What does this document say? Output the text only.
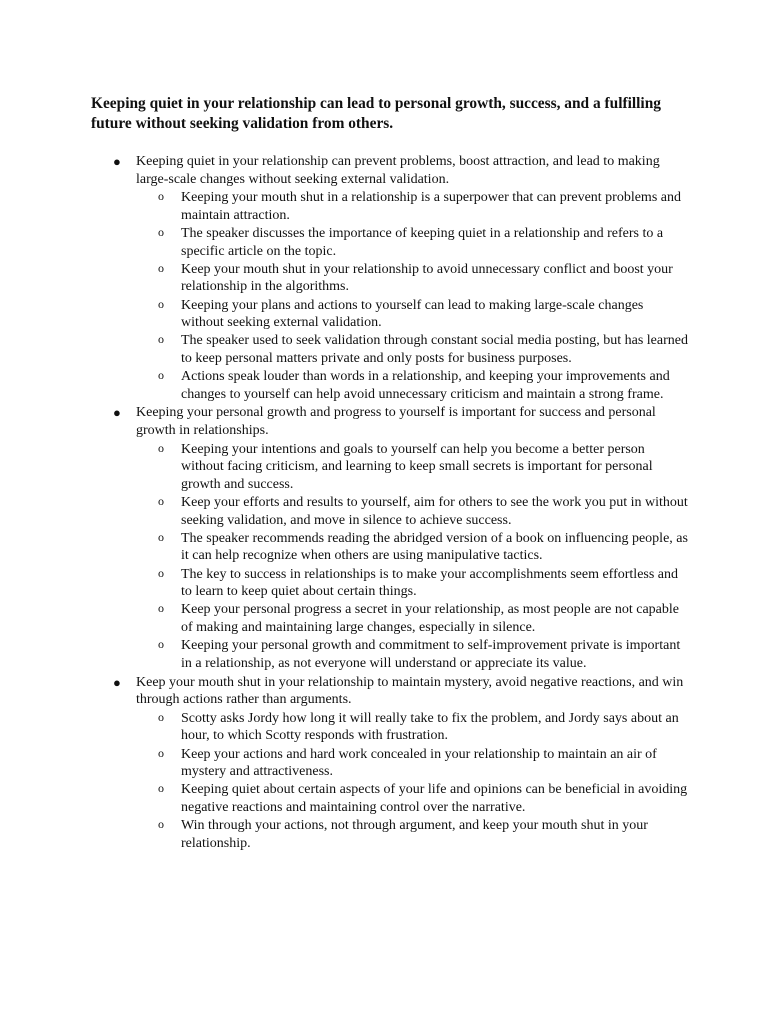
Keeping quiet in your relationship can lead to personal growth, success, and a fulfilling future without seeking validation from others.
● Keeping quiet in your relationship can prevent problems, boost attraction, and lead to making large-scale changes without seeking external validation.
o Keeping your mouth shut in a relationship is a superpower that can prevent problems and maintain attraction.
o The speaker discusses the importance of keeping quiet in a relationship and refers to a specific article on the topic.
o Keep your mouth shut in your relationship to avoid unnecessary conflict and boost your relationship in the algorithms.
o Keeping your plans and actions to yourself can lead to making large-scale changes without seeking external validation.
o The speaker used to seek validation through constant social media posting, but has learned to keep personal matters private and only posts for business purposes.
o Actions speak louder than words in a relationship, and keeping your improvements and changes to yourself can help avoid unnecessary criticism and maintain a strong frame.
● Keeping your personal growth and progress to yourself is important for success and personal growth in relationships.
o Keeping your intentions and goals to yourself can help you become a better person without facing criticism, and learning to keep small secrets is important for personal growth and success.
o Keep your efforts and results to yourself, aim for others to see the work you put in without seeking validation, and move in silence to achieve success.
o The speaker recommends reading the abridged version of a book on influencing people, as it can help recognize when others are using manipulative tactics.
o The key to success in relationships is to make your accomplishments seem effortless and to learn to keep quiet about certain things.
o Keep your personal progress a secret in your relationship, as most people are not capable of making and maintaining large changes, especially in silence.
o Keeping your personal growth and commitment to self-improvement private is important in a relationship, as not everyone will understand or appreciate its value.
● Keep your mouth shut in your relationship to maintain mystery, avoid negative reactions, and win through actions rather than arguments.
o Scotty asks Jordy how long it will really take to fix the problem, and Jordy says about an hour, to which Scotty responds with frustration.
o Keep your actions and hard work concealed in your relationship to maintain an air of mystery and attractiveness.
o Keeping quiet about certain aspects of your life and opinions can be beneficial in avoiding negative reactions and maintaining control over the narrative.
o Win through your actions, not through argument, and keep your mouth shut in your relationship.
